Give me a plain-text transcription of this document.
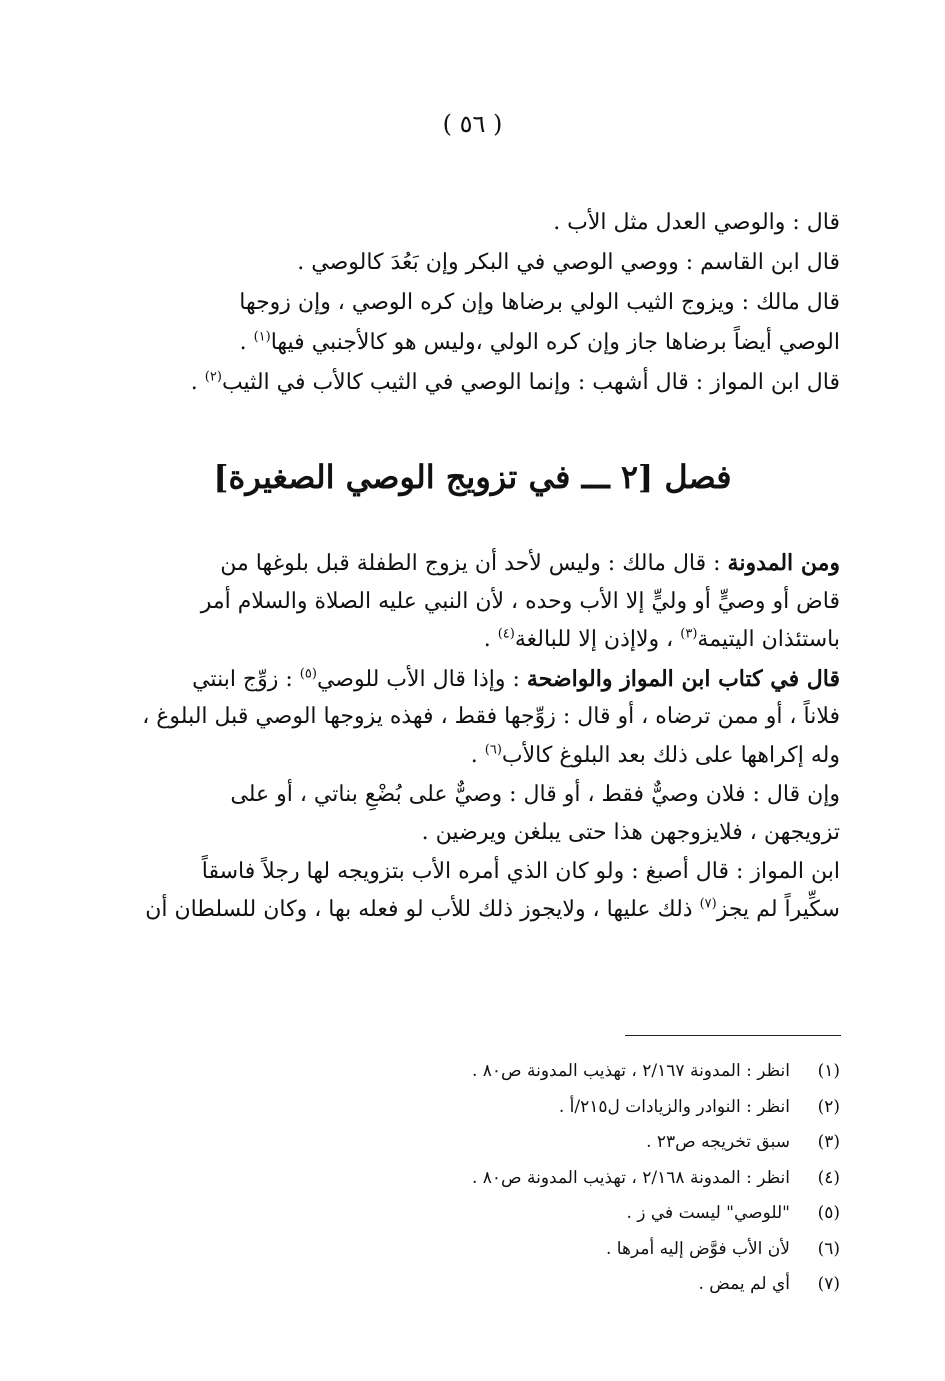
( ٥٦ )
قال : والوصي العدل مثل الأب .
قال ابن القاسم : ووصي الوصي في البكر وإن بَعُدَ كالوصي .
قال مالك : ويزوج الثيب الولي برضاها وإن كره الوصي ، وإن زوجها
الوصي أيضاً برضاها جاز وإن كره الولي ،وليس هو كالأجنبي فيها$^{(١)}$ .
قال ابن المواز : قال أشهب : وإنما الوصي في الثيب كالأب في الثيب$^{(٢)}$ .
فصل [٢ ـــ في تزويج الوصي الصغيرة]
ومن المدونة : قال مالك : وليس لأحد أن يزوج الطفلة قبل بلوغها من
قاض أو وصيٍّ أو وليٍّ إلا الأب وحده ، لأن النبي عليه الصلاة والسلام أمر
باستئذان اليتيمة$^{(٣)}$ ، ولاإذن إلا للبالغة$^{(٤)}$ .
قال في كتاب ابن المواز والواضحة : وإذا قال الأب للوصي$^{(٥)}$ : زوِّج ابنتي
فلاناً ، أو ممن ترضاه ، أو قال : زوِّجها فقط ، فهذه يزوجها الوصي قبل البلوغ ،
وله إكراهها على ذلك بعد البلوغ كالأب$^{(٦)}$ .
وإن قال : فلان وصيٌّ فقط ، أو قال : وصيٌّ على بُضْعِ بناتي ، أو على
تزويجهن ، فلايزوجهن هذا حتى يبلغن ويرضين .
ابن المواز : قال أصبغ : ولو كان الذي أمره الأب بتزويجه لها رجلاً فاسقاً
سكِّيراً لم يجز$^{(٧)}$ ذلك عليها ، ولايجوز ذلك للأب لو فعله بها ، وكان للسلطان أن
(١)
انظر : المدونة ٢/١٦٧ ، تهذيب المدونة ص٨٠ .
(٢)
انظر : النوادر والزيادات ل٢١٥/أ .
(٣)
سبق تخريجه ص٢٣ .
(٤)
انظر : المدونة ٢/١٦٨ ، تهذيب المدونة ص٨٠ .
(٥)
"للوصي" ليست في ز .
(٦)
لأن الأب فوَّض إليه أمرها .
(٧)
أي لم يمض .
